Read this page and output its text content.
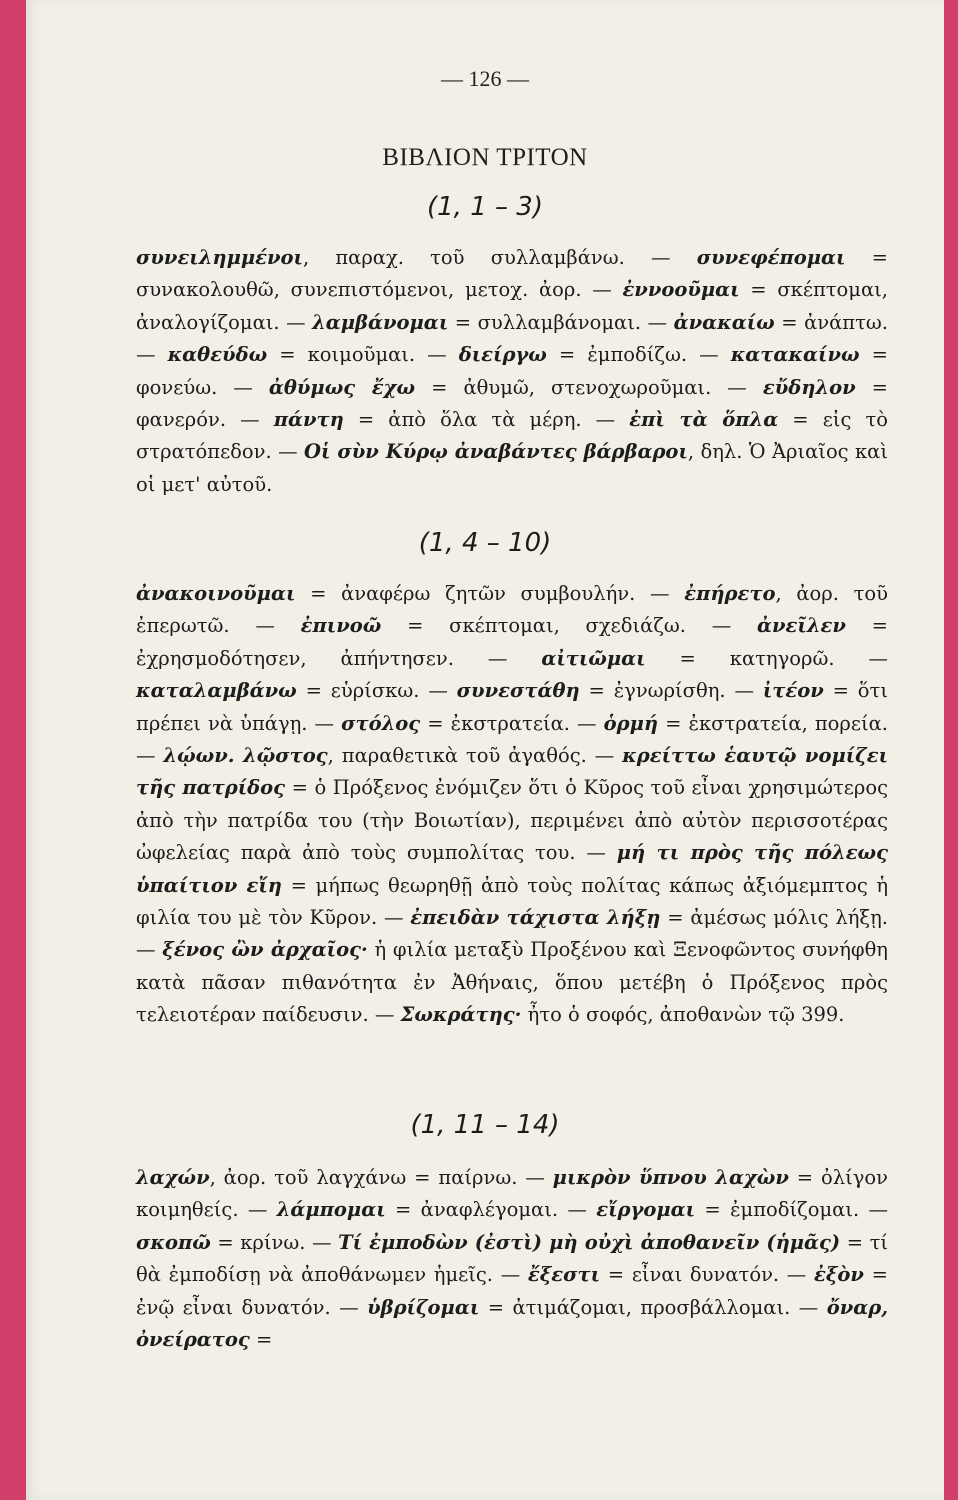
— 126 —
ΒΙΒΛΙΟΝ ΤΡΙΤΟΝ
(1, 1 – 3)
συνειλημμένοι, παραχ. τοῦ συλλαμβάνω. — συνεφέπομαι = συνακολουθῶ, συνεπιστόμενοι, μετοχ. ἀορ. — ἐννοοῦμαι = σκέπτομαι, ἀναλογίζομαι. — λαμβάνομαι = συλλαμβάνομαι. — ἀνακαίω = ἀνάπτω. — καθεύδω = κοιμοῦμαι. — διείργω = ἐμποδίζω. — κατακαίνω = φονεύω. — ἀθύμως ἔχω = ἀθυμῶ, στενοχωροῦμαι. — εὔδηλον = φανερόν. — πάντη = ἀπὸ ὅλα τὰ μέρη. — ἐπὶ τὰ ὅπλα = εἰς τὸ στρατόπεδον. — Οἱ σὺν Κύρῳ ἀναβάντες βάρβαροι, δηλ. Ὁ Ἀριαῖος καὶ οἱ μετ' αὐτοῦ.
(1, 4 – 10)
ἀνακοινοῦμαι = ἀναφέρω ζητῶν συμβουλήν. — ἐπήρετο, ἀορ. τοῦ ἐπερωτῶ. — ἐπινοῶ = σκέπτομαι, σχεδιάζω. — ἀνεῖλεν = ἐχρησμοδότησεν, ἀπήντησεν. — αἰτιῶμαι = κατηγορῶ. — καταλαμβάνω = εὑρίσκω. — συνεστάθη = ἐγνωρίσθη. — ἰτέον = ὅτι πρέπει νὰ ὑπάγῃ. — στόλος = ἐκστρατεία. — ὁρμή = ἐκστρατεία, πορεία. — λῴων. λῷστος, παραθετικὰ τοῦ ἀγαθός. — κρείττω ἑαυτῷ νομίζει τῆς πατρίδος = ὁ Πρόξενος ἐνόμιζεν ὅτι ὁ Κῦρος τοῦ εἶναι χρησιμώτερος ἀπὸ τὴν πατρίδα του (τὴν Βοιωτίαν), περιμένει ἀπὸ αὐτὸν περισσοτέρας ὠφελείας παρὰ ἀπὸ τοὺς συμπολίτας του. — μή τι πρὸς τῆς πόλεως ὑπαίτιον εἴη = μήπως θεωρηθῇ ἀπὸ τοὺς πολίτας κάπως ἀξιόμεμπτος ἡ φιλία του μὲ τὸν Κῦρον. — ἐπειδὰν τάχιστα λήξῃ = ἀμέσως μόλις λήξῃ. — ξένος ὢν ἀρχαῖος· ἡ φιλία μεταξὺ Προξένου καὶ Ξενοφῶντος συνήφθη κατὰ πᾶσαν πιθανότητα ἐν Ἀθήναις, ὅπου μετέβη ὁ Πρόξενος πρὸς τελειοτέραν παίδευσιν. — Σωκράτης· ἦτο ὁ σοφός, ἀποθανὼν τῷ 399.
(1, 11 – 14)
λαχών, ἀορ. τοῦ λαγχάνω = παίρνω. — μικρὸν ὕπνου λαχὼν = ὀλίγον κοιμηθείς. — λάμπομαι = ἀναφλέγομαι. — εἴργομαι = ἐμποδίζομαι. — σκοπῶ = κρίνω. — Τί ἐμποδὼν (ἐστὶ) μὴ οὐχὶ ἀποθανεῖν (ἡμᾶς) = τί θὰ ἐμποδίσῃ νὰ ἀποθάνωμεν ἡμεῖς. — ἔξεστι = εἶναι δυνατόν. — ἐξὸν = ἐνῷ εἶναι δυνατόν. — ὑβρίζομαι = ἀτιμάζομαι, προσβάλλομαι. — ὄναρ, ὀνείρατος =
